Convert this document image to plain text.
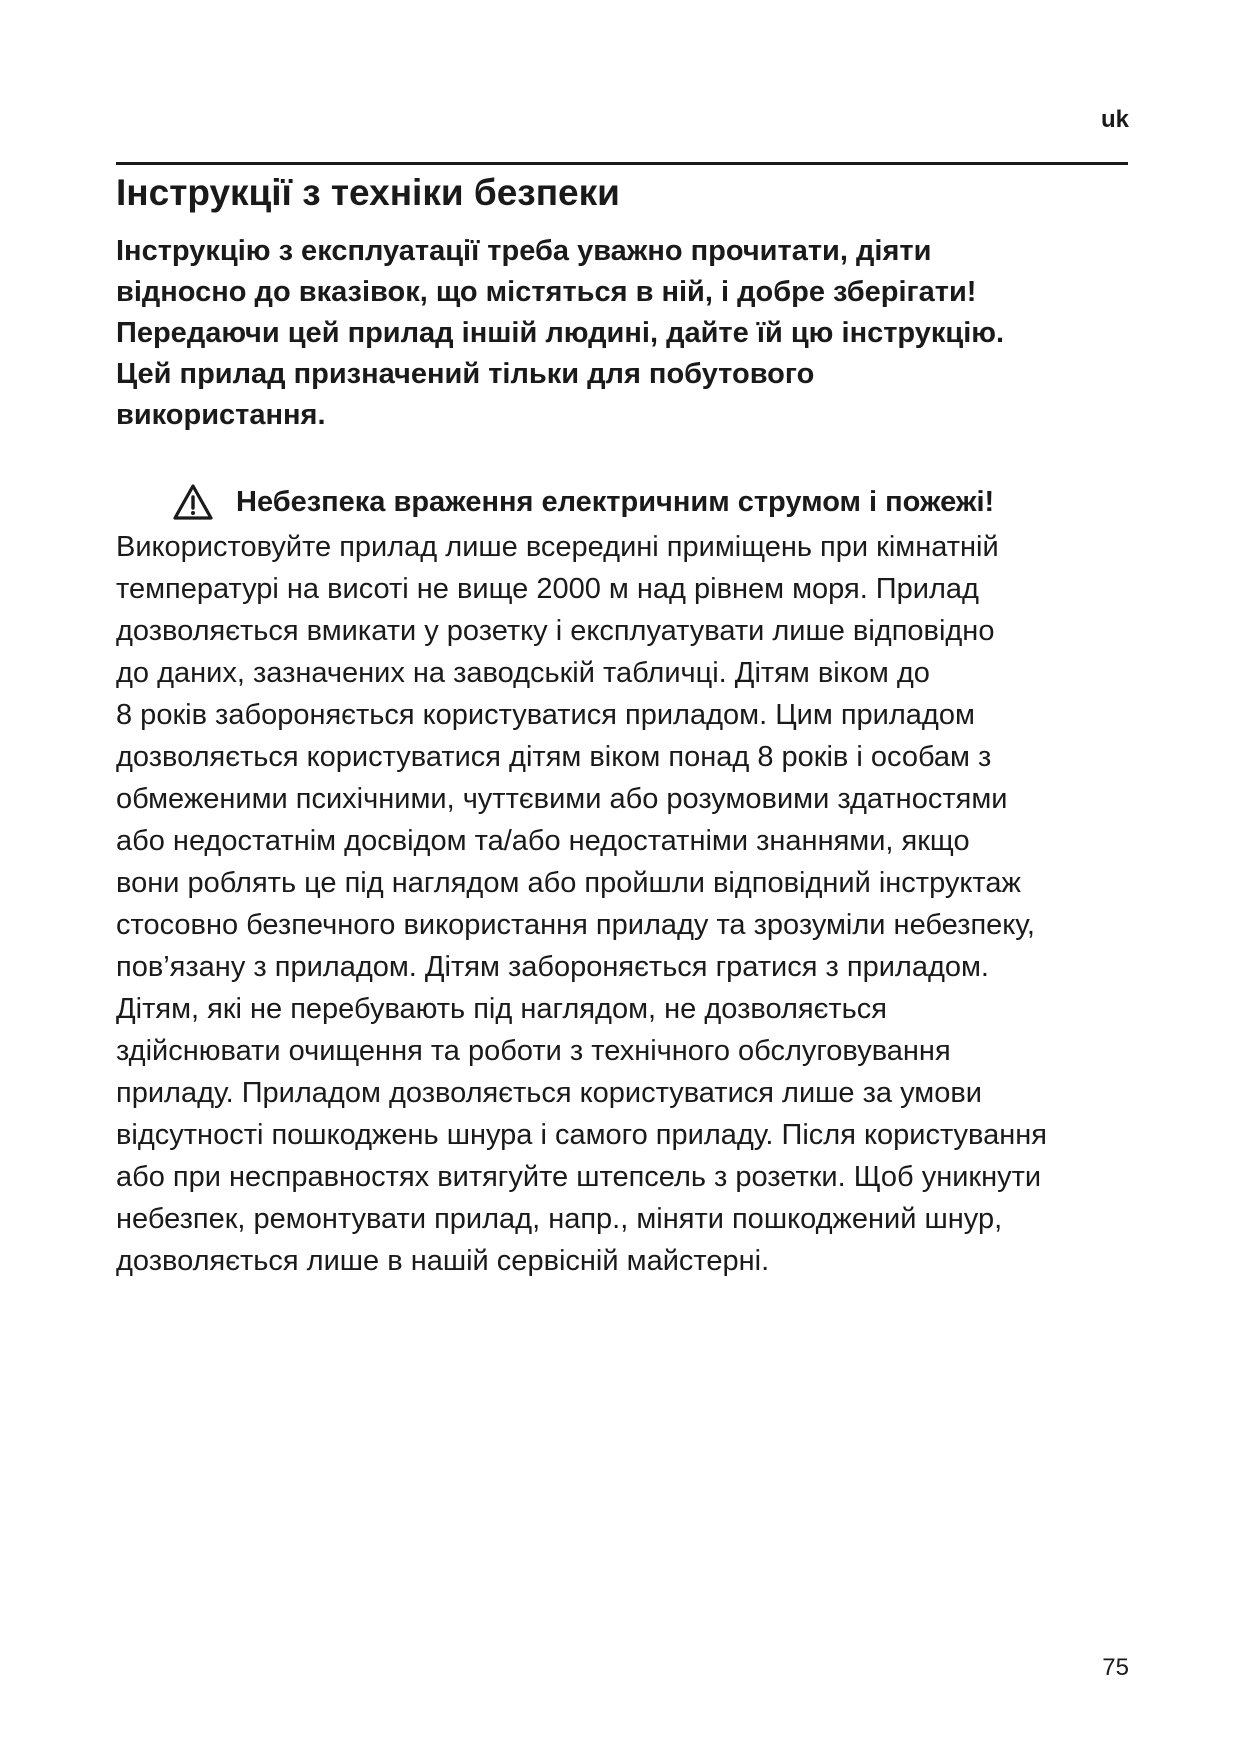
uk
Інструкції з техніки безпеки

Інструкцію з експлуатації треба уважно прочитати, діяти
відносно до вказівок, що містяться в ній, і добре зберігати!
Передаючи цей прилад іншій людині, дайте їй цю інструкцію.
Цей прилад призначений тільки для побутового
використання.

Небезпека враження електричним струмом і пожежі!

Використовуйте прилад лише всередині приміщень при кімнатній
температурі на висоті не вище 2000 м над рівнем моря. Прилад
дозволяється вмикати у розетку і експлуатувати лише відповідно
до даних, зазначених на заводській табличці. Дітям віком до
8 років забороняється користуватися приладом. Цим приладом
дозволяється користуватися дітям віком понад 8 років і особам з
обмеженими психічними, чуттєвими або розумовими здатностями
або недостатнім досвідом та/або недостатніми знаннями, якщо
вони роблять це під наглядом або пройшли відповідний інструктаж
стосовно безпечного використання приладу та зрозуміли небезпеку,
пов’язану з приладом. Дітям забороняється гратися з приладом.
Дітям, які не перебувають під наглядом, не дозволяється
здійснювати очищення та роботи з технічного обслуговування
приладу. Приладом дозволяється користуватися лише за умови
відсутності пошкоджень шнура і самого приладу. Після користування
або при несправностях витягуйте штепсель з розетки. Щоб уникнути
небезпек, ремонтувати прилад, напр., міняти пошкоджений шнур,
дозволяється лише в нашій сервісній майстерні.

75
